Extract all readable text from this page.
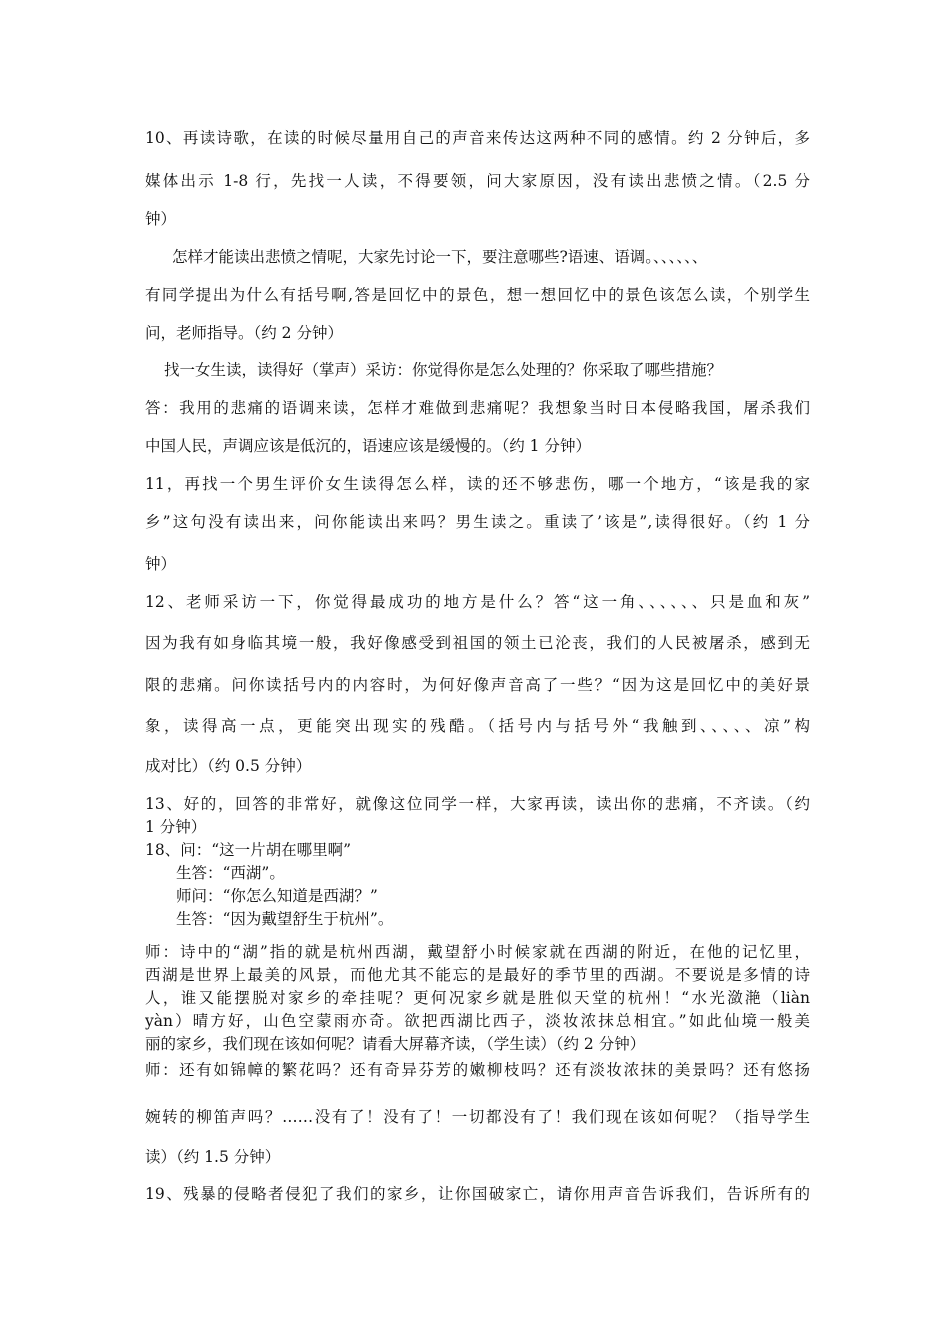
10、再读诗歌，在读的时候尽量用自己的声音来传达这两种不同的感情。约 2 分钟后，多
媒体出示 1-8 行，先找一人读，不得要领，问大家原因，没有读出悲愤之情。（2.5 分
钟）
怎样才能读出悲愤之情呢，大家先讨论一下，要注意哪些?语速、语调。、、、、、、
有同学提出为什么有括号啊,答是回忆中的景色，想一想回忆中的景色该怎么读，个别学生
问，老师指导。（约 2 分钟）
找一女生读，读得好（掌声）采访：你觉得你是怎么处理的？你采取了哪些措施？
答：我用的悲痛的语调来读，怎样才难做到悲痛呢？我想象当时日本侵略我国，屠杀我们
中国人民，声调应该是低沉的，语速应该是缓慢的。（约 1 分钟）
11，再找一个男生评价女生读得怎么样，读的还不够悲伤，哪一个地方，“该是我的家
乡”这句没有读出来，问你能读出来吗？男生读之。重读了’该是”,读得很好。（约 1 分
钟）
12、老师采访一下，你觉得最成功的地方是什么？答“这一角、、、、、、只是血和灰”
因为我有如身临其境一般，我好像感受到祖国的领土已沦丧，我们的人民被屠杀，感到无
限的悲痛。问你读括号内的内容时，为何好像声音高了一些？“因为这是回忆中的美好景
象，读得高一点，更能突出现实的残酷。（括号内与括号外“我触到、、、、、凉”构
成对比）（约 0.5 分钟）
13、好的，回答的非常好，就像这位同学一样，大家再读，读出你的悲痛，不齐读。（约
1 分钟）
18、问：“这一片胡在哪里啊”
生答：“西湖”。
师问：“你怎么知道是西湖？”
生答：“因为戴望舒生于杭州”。
师：诗中的“湖”指的就是杭州西湖，戴望舒小时候家就在西湖的附近，在他的记忆里，
西湖是世界上最美的风景，而他尤其不能忘的是最好的季节里的西湖。不要说是多情的诗
人，谁又能摆脱对家乡的牵挂呢？更何况家乡就是胜似天堂的杭州！“水光潋滟（liàn
yàn）晴方好，山色空蒙雨亦奇。欲把西湖比西子，淡妆浓抹总相宜。”如此仙境一般美
丽的家乡，我们现在该如何呢？请看大屏幕齐读，（学生读）（约 2 分钟）
师：还有如锦幛的繁花吗？还有奇异芬芳的嫩柳枝吗？还有淡妆浓抹的美景吗？还有悠扬
婉转的柳笛声吗？……没有了！没有了！一切都没有了！我们现在该如何呢？（指导学生
读）（约 1.5 分钟）
19、残暴的侵略者侵犯了我们的家乡，让你国破家亡，请你用声音告诉我们，告诉所有的
